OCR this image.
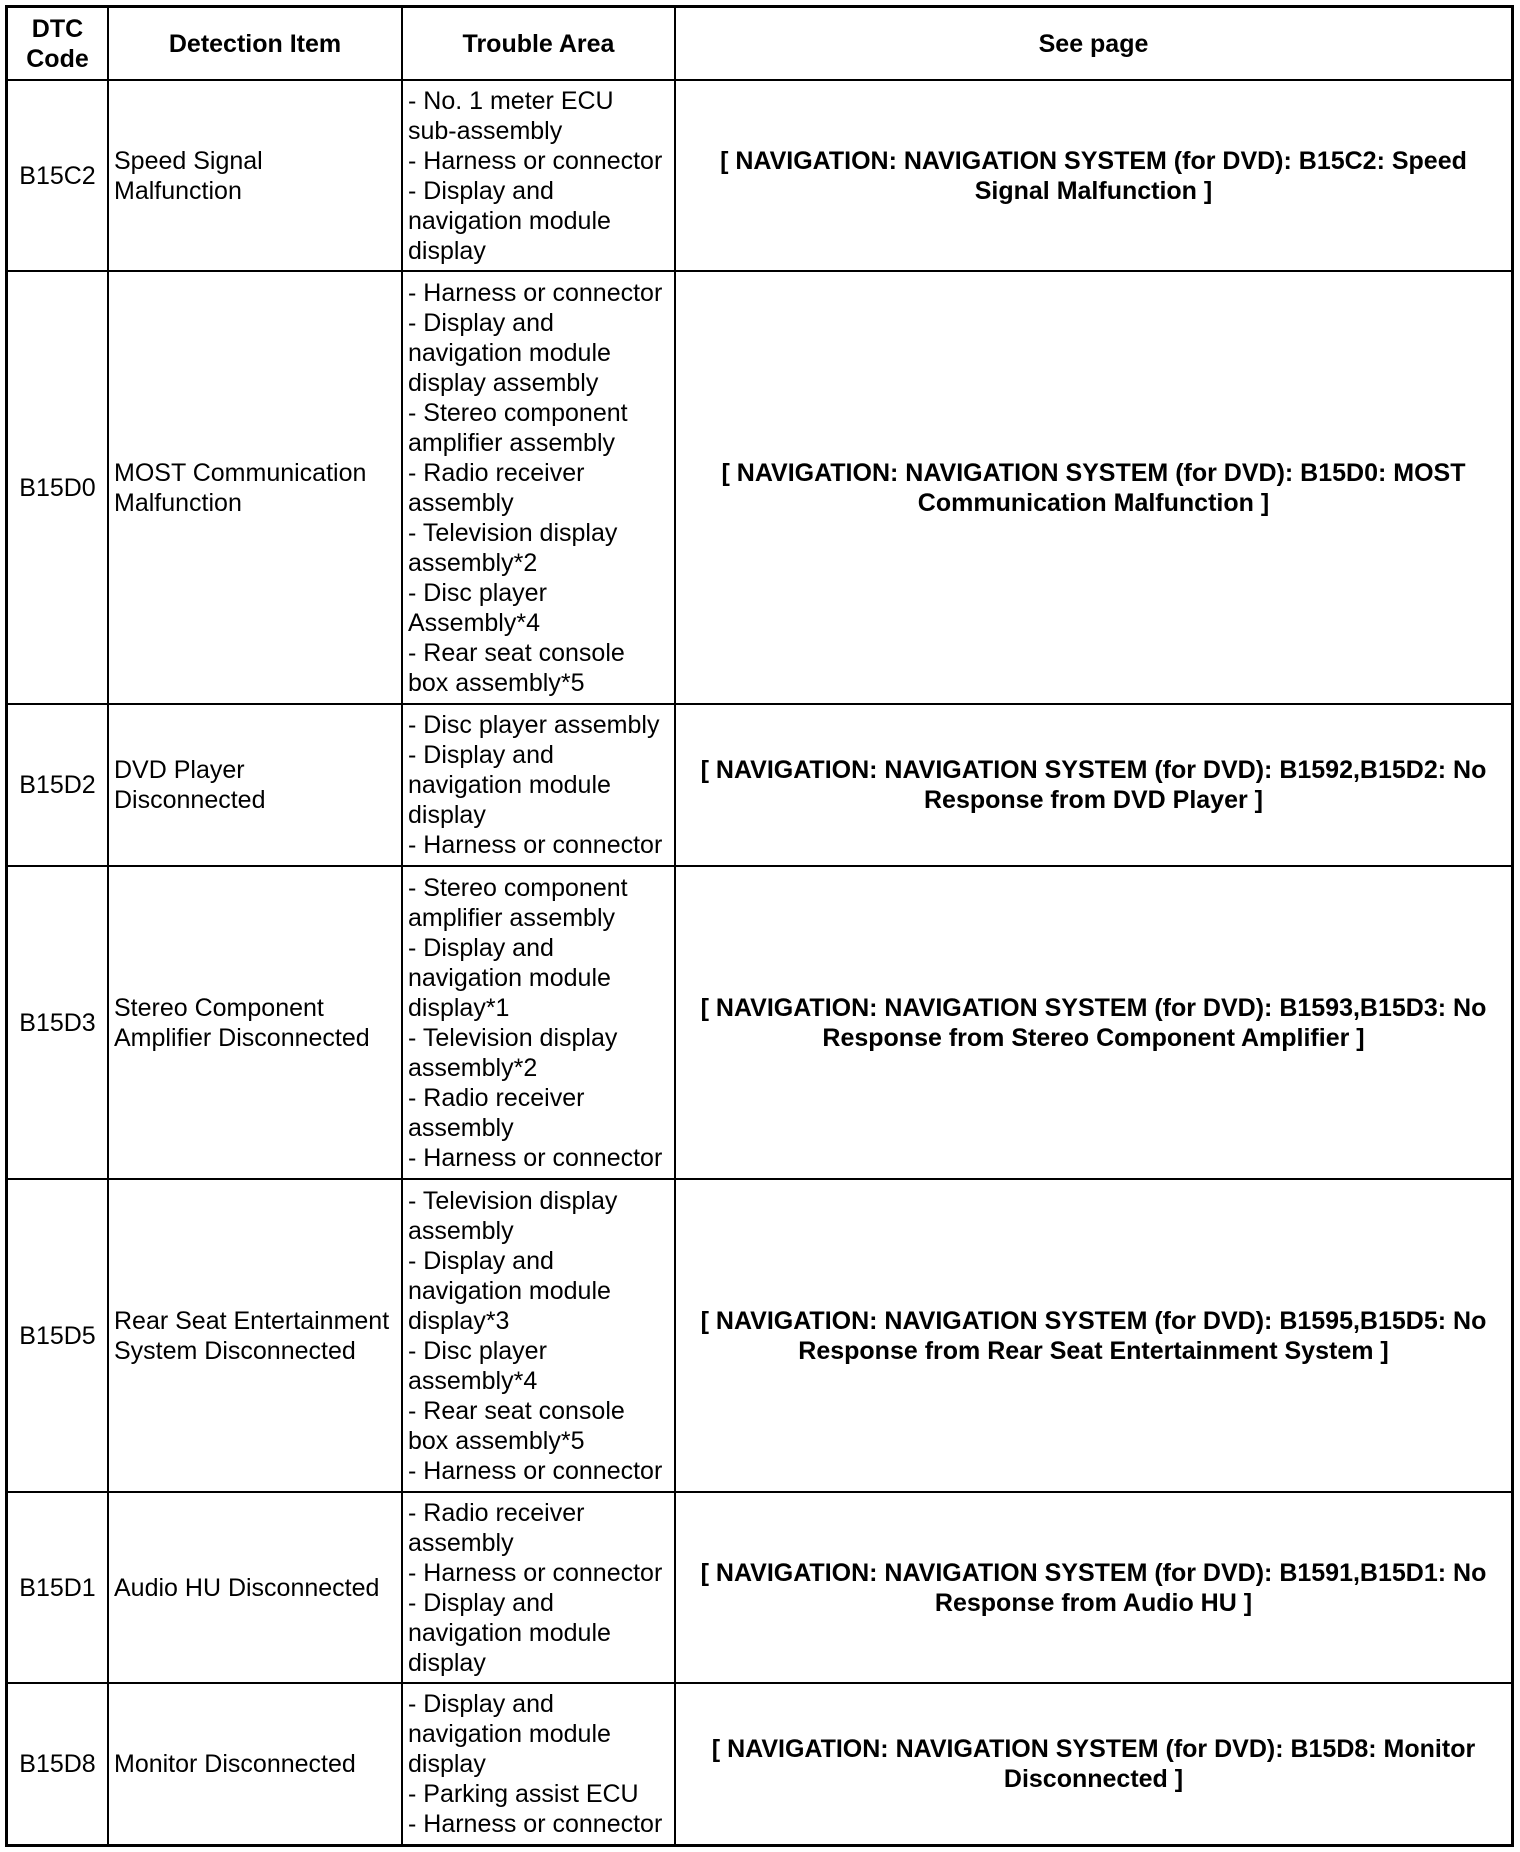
DTC
Code
Detection Item	Trouble Area	See page
B15C2
Speed Signal
Malfunction
- No. 1 meter ECU
sub-assembly
- Harness or connector
- Display and
navigation module
display
[ NAVIGATION: NAVIGATION SYSTEM (for DVD): B15C2: Speed
Signal Malfunction ]
B15D0
MOST Communication
Malfunction
- Harness or connector
- Display and
navigation module
display assembly
- Stereo component
amplifier assembly
- Radio receiver
assembly
- Television display
assembly*2
- Disc player
Assembly*4
- Rear seat console
box assembly*5
[ NAVIGATION: NAVIGATION SYSTEM (for DVD): B15D0: MOST
Communication Malfunction ]
B15D2
DVD Player
Disconnected
- Disc player assembly
- Display and
navigation module
display
- Harness or connector
[ NAVIGATION: NAVIGATION SYSTEM (for DVD): B1592,B15D2: No
Response from DVD Player ]
B15D3
Stereo Component
Amplifier Disconnected
- Stereo component
amplifier assembly
- Display and
navigation module
display*1
- Television display
assembly*2
- Radio receiver
assembly
- Harness or connector
[ NAVIGATION: NAVIGATION SYSTEM (for DVD): B1593,B15D3: No
Response from Stereo Component Amplifier ]
B15D5
Rear Seat Entertainment
System Disconnected
- Television display
assembly
- Display and
navigation module
display*3
- Disc player
assembly*4
- Rear seat console
box assembly*5
- Harness or connector
[ NAVIGATION: NAVIGATION SYSTEM (for DVD): B1595,B15D5: No
Response from Rear Seat Entertainment System ]
B15D1 Audio HU Disconnected
- Radio receiver
assembly
- Harness or connector
- Display and
navigation module
display
[ NAVIGATION: NAVIGATION SYSTEM (for DVD): B1591,B15D1: No
Response from Audio HU ]
B15D8 Monitor Disconnected
- Display and
navigation module
display
- Parking assist ECU
- Harness or connector
[ NAVIGATION: NAVIGATION SYSTEM (for DVD): B15D8: Monitor
Disconnected ]
